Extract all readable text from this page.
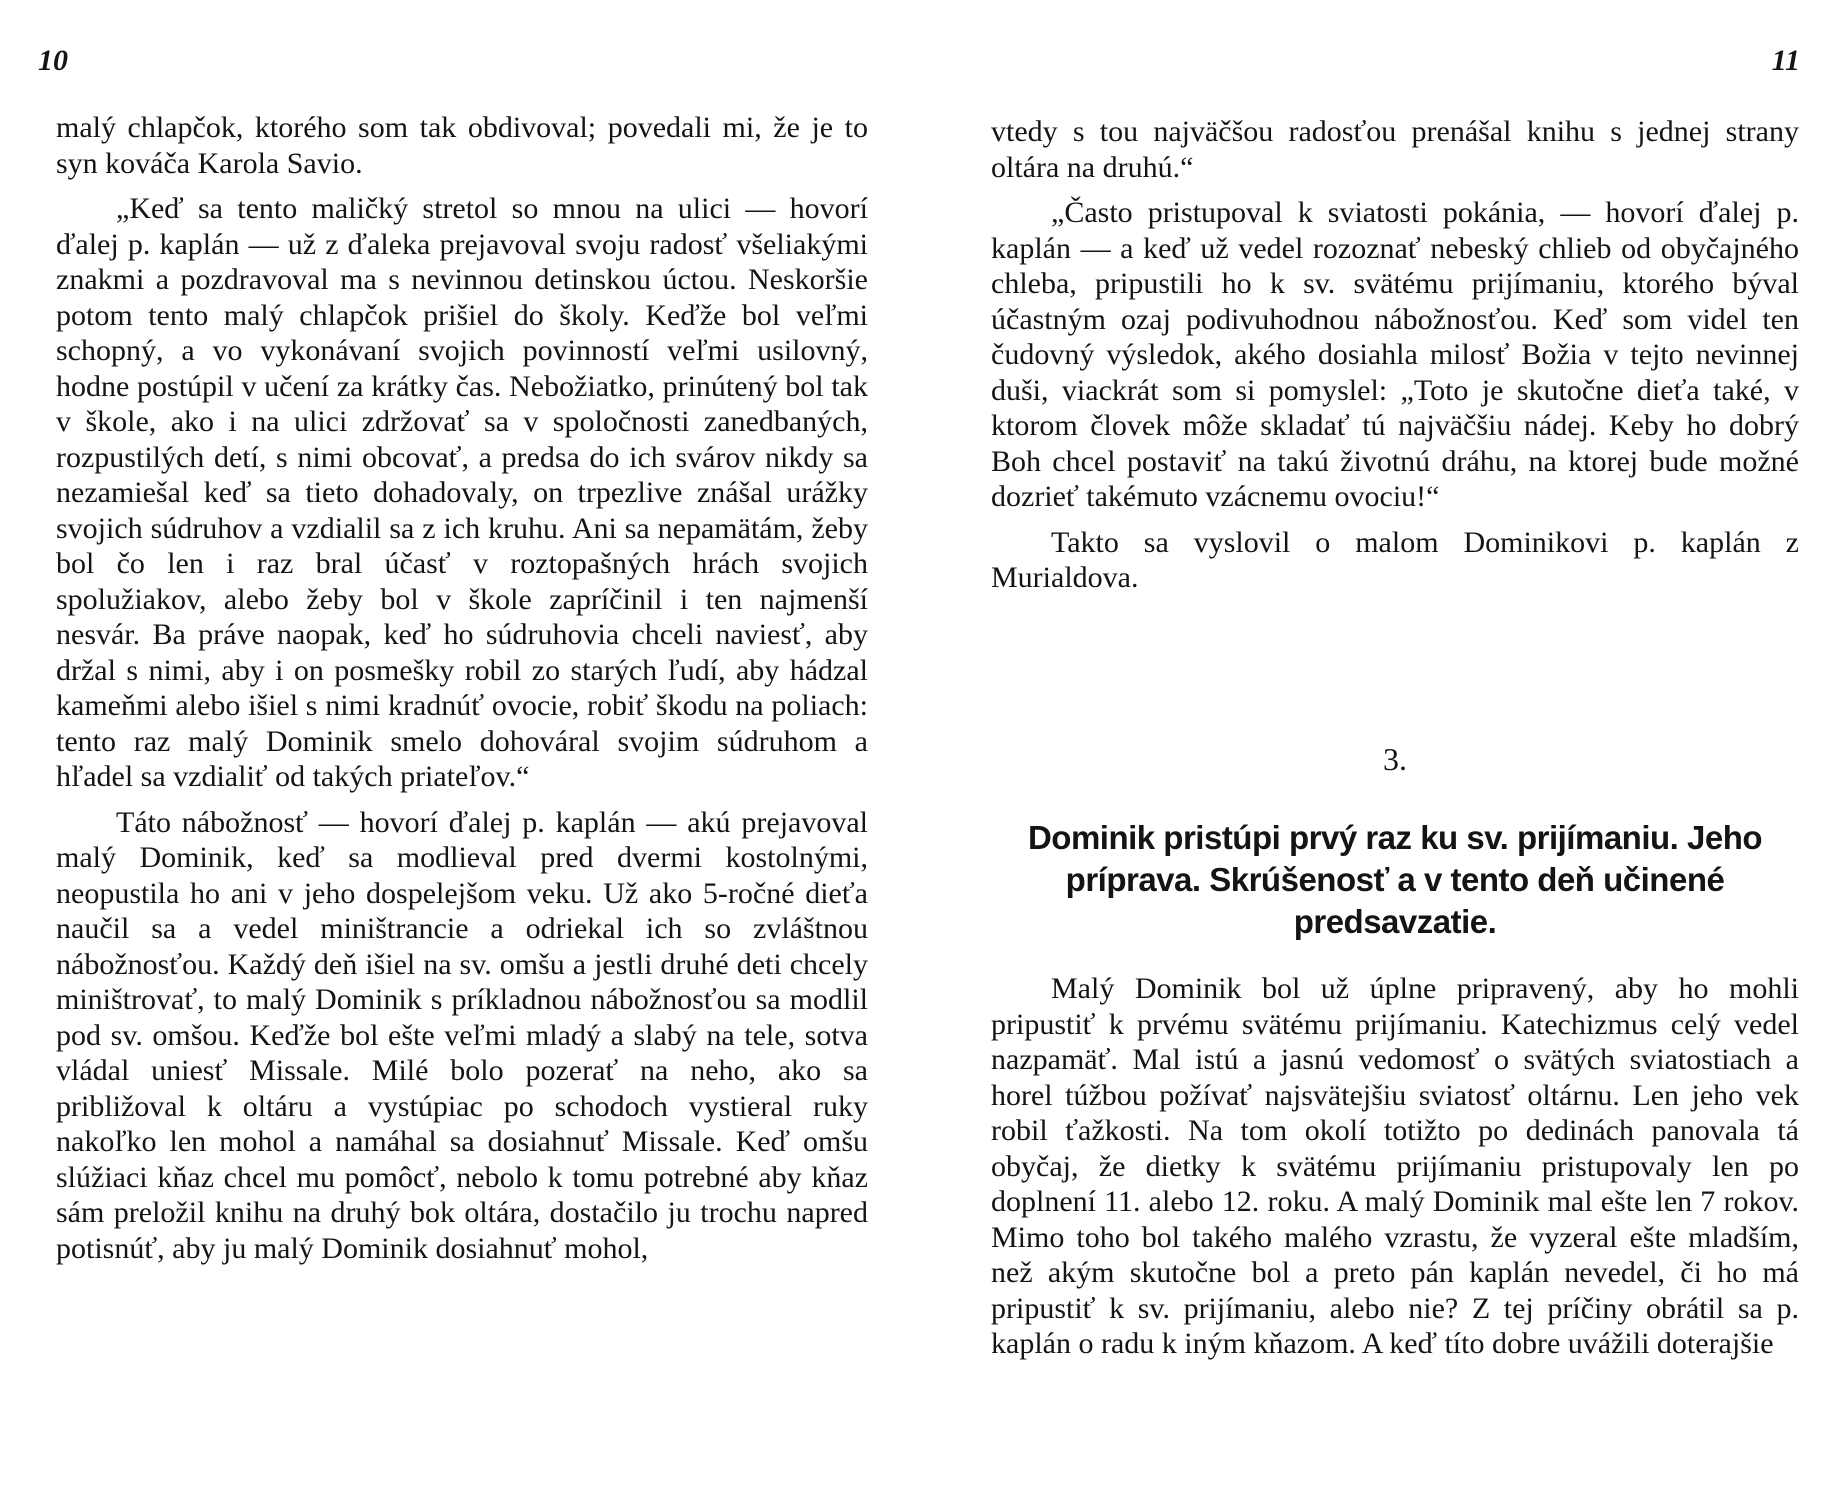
10

malý chlapčok, ktorého som tak obdivoval; povedali mi, že je to syn kováča Karola Savio.

„Keď sa tento maličký stretol so mnou na ulici — hovorí ďalej p. kaplán — už z ďaleka prejavoval svoju radosť všeliakými znakmi a pozdravoval ma s nevinnou detinskou úctou. Neskoršie potom tento malý chlapčok prišiel do školy. Keďže bol veľmi schopný, a vo vykonávaní svojich povinností veľmi usilovný, hodne postúpil v učení za krátky čas. Nebožiatko, prinútený bol tak v škole, ako i na ulici zdržovať sa v spoločnosti zanedbaných, rozpustilých detí, s nimi obcovať, a predsa do ich svárov nikdy sa nezamiešal keď sa tieto dohadovaly, on trpezlive znášal urážky svojich súdruhov a vzdialil sa z ich kruhu. Ani sa nepamätám, žeby bol čo len i raz bral účasť v roztopašných hrách svojich spolužiakov, alebo žeby bol v škole zapríčinil i ten najmenší nesvár. Ba práve naopak, keď ho súdruhovia chceli naviesť, aby držal s nimi, aby i on posmešky robil zo starých ľudí, aby hádzal kameňmi alebo išiel s nimi kradnúť ovocie, robiť škodu na poliach: tento raz malý Dominik smelo dohováral svojim súdruhom a hľadel sa vzdialiť od takých priateľov.“

Táto nábožnosť — hovorí ďalej p. kaplán — akú prejavoval malý Dominik, keď sa modlieval pred dvermi kostolnými, neopustila ho ani v jeho dospelejšom veku. Už ako 5-ročné dieťa naučil sa a vedel miništrancie a odriekal ich so zvláštnou nábožnosťou. Každý deň išiel na sv. omšu a jestli druhé deti chcely miništrovať, to malý Dominik s príkladnou nábožnosťou sa modlil pod sv. omšou. Keďže bol ešte veľmi mladý a slabý na tele, sotva vládal uniesť Missale. Milé bolo pozerať na neho, ako sa približoval k oltáru a vystúpiac po schodoch vystieral ruky nakoľko len mohol a namáhal sa dosiahnuť Missale. Keď omšu slúžiaci kňaz chcel mu pomôcť, nebolo k tomu potrebné aby kňaz sám preložil knihu na druhý bok oltára, dostačilo ju trochu napred potisnúť, aby ju malý Dominik dosiahnuť mohol,

11

vtedy s tou najväčšou radosťou prenášal knihu s jednej strany oltára na druhú.“

„Často pristupoval k sviatosti pokánia, — hovorí ďalej p. kaplán — a keď už vedel rozoznať nebeský chlieb od obyčajného chleba, pripustili ho k sv. svätému prijímaniu, ktorého býval účastným ozaj podivuhodnou nábožnosťou. Keď som videl ten čudovný výsledok, akého dosiahla milosť Božia v tejto nevinnej duši, viackrát som si pomyslel: „Toto je skutočne dieťa také, v ktorom človek môže skladať tú najväčšiu nádej. Keby ho dobrý Boh chcel postaviť na takú životnú dráhu, na ktorej bude možné dozrieť takémuto vzácnemu ovociu!“

Takto sa vyslovil o malom Dominikovi p. kaplán z Murialdova.

3.
Dominik pristúpi prvý raz ku sv. prijímaniu. Jeho príprava. Skrúšenosť a v tento deň učinené predsavzatie.

Malý Dominik bol už úplne pripravený, aby ho mohli pripustiť k prvému svätému prijímaniu. Katechizmus celý vedel nazpamäť. Mal istú a jasnú vedomosť o svätých sviatostiach a horel túžbou požívať najsvätejšiu sviatosť oltárnu. Len jeho vek robil ťažkosti. Na tom okolí totižto po dedinách panovala tá obyčaj, že dietky k svätému prijímaniu pristupovaly len po doplnení 11. alebo 12. roku. A malý Dominik mal ešte len 7 rokov. Mimo toho bol takého malého vzrastu, že vyzeral ešte mladším, než akým skutočne bol a preto pán kaplán nevedel, či ho má pripustiť k sv. prijímaniu, alebo nie? Z tej príčiny obrátil sa p. kaplán o radu k iným kňazom. A keď títo dobre uvážili doterajšie
